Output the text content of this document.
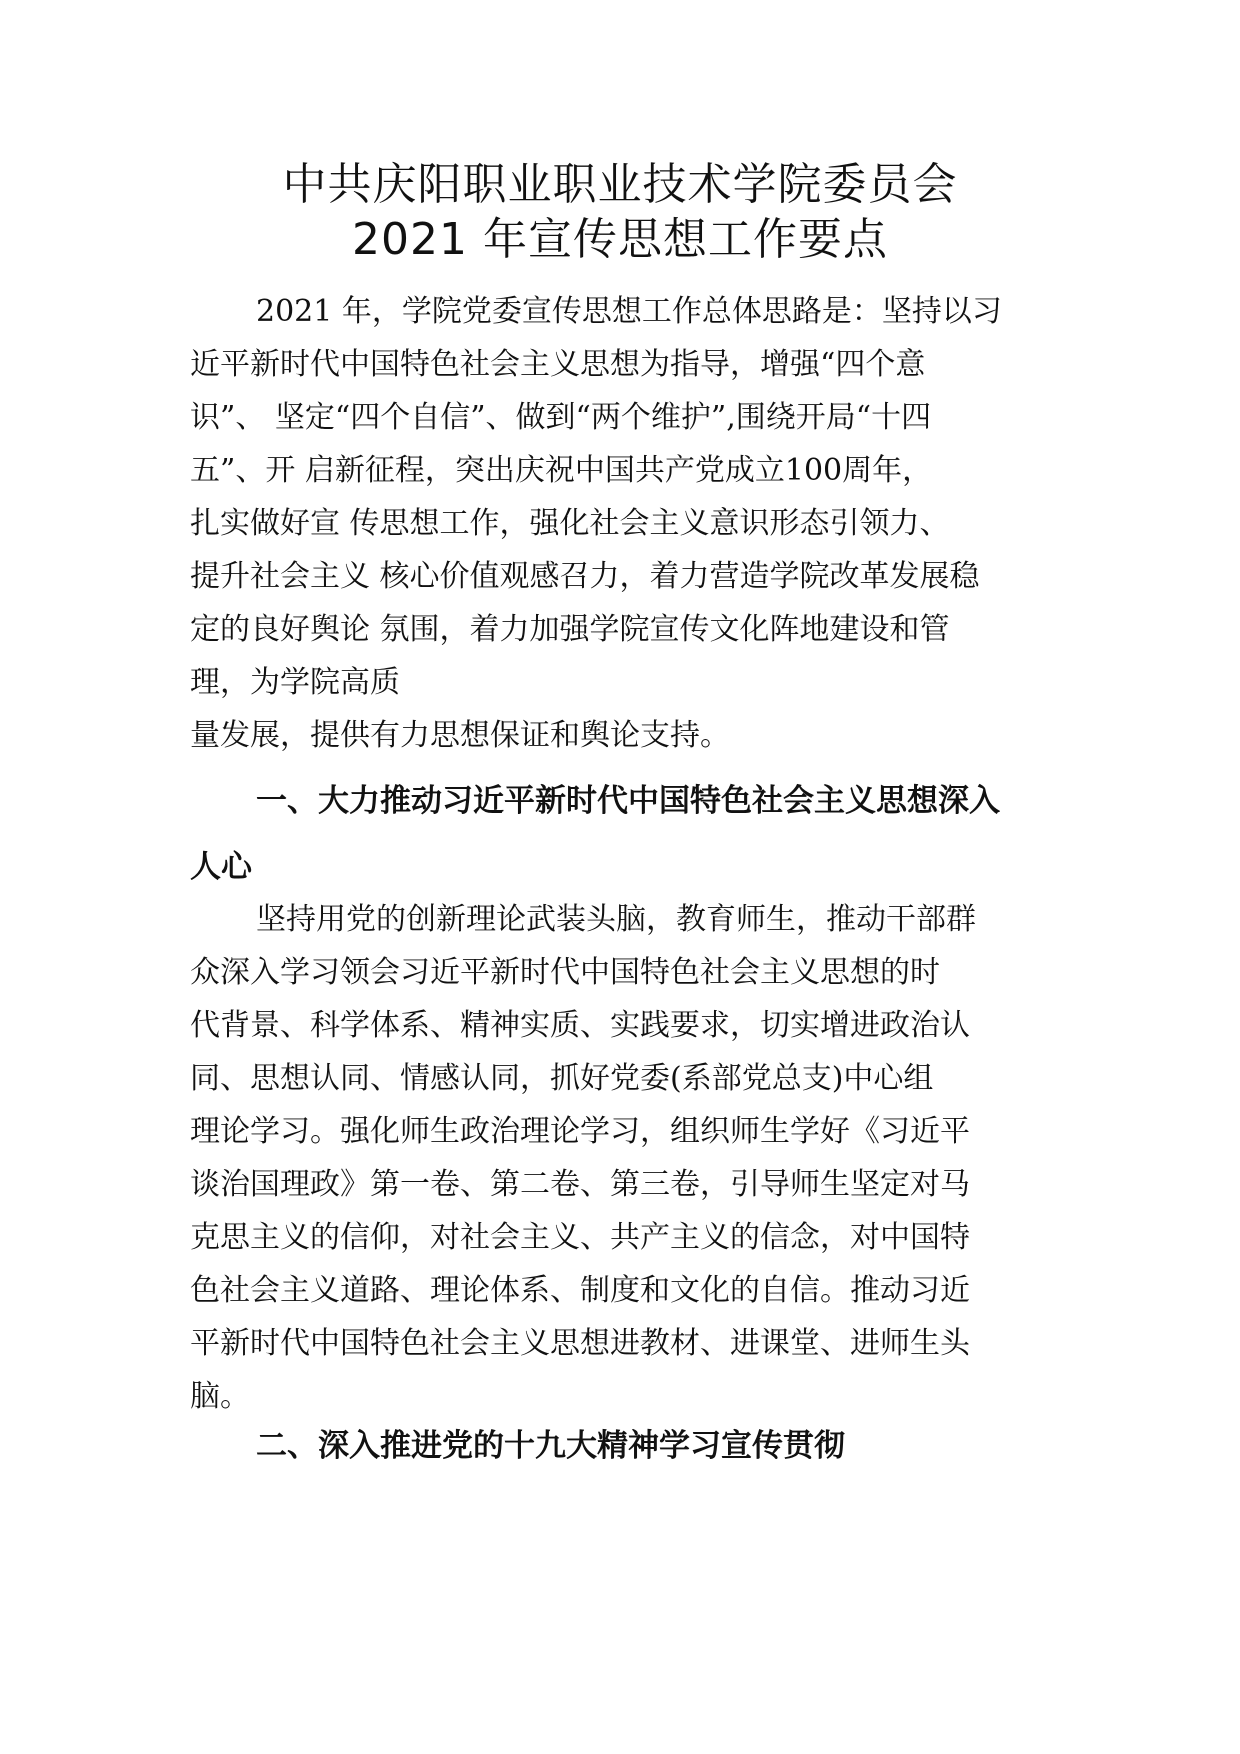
中共庆阳职业职业技术学院委员会
2021 年宣传思想工作要点
2021 年，学院党委宣传思想工作总体思路是：坚持以习
近平新时代中国特色社会主义思想为指导，增强“四个意
识”、 坚定“四个自信”、做到“两个维护”,围绕开局“十四
五”、开 启新征程，突出庆祝中国共产党成立100周年，
扎实做好宣 传思想工作，强化社会主义意识形态引领力、
提升社会主义 核心价值观感召力，着力营造学院改革发展稳
定的良好舆论 氛围，着力加强学院宣传文化阵地建设和管
理，为学院高质
量发展，提供有力思想保证和舆论支持。
一、大力推动习近平新时代中国特色社会主义思想深入
人心
坚持用党的创新理论武装头脑，教育师生，推动干部群
众深入学习领会习近平新时代中国特色社会主义思想的时
代背景、科学体系、精神实质、实践要求，切实增进政治认
同、思想认同、情感认同，抓好党委(系部党总支)中心组
理论学习。强化师生政治理论学习，组织师生学好《习近平
谈治国理政》第一卷、第二卷、第三卷，引导师生坚定对马
克思主义的信仰，对社会主义、共产主义的信念，对中国特
色社会主义道路、理论体系、制度和文化的自信。推动习近
平新时代中国特色社会主义思想进教材、进课堂、进师生头
脑。
二、深入推进党的十九大精神学习宣传贯彻
